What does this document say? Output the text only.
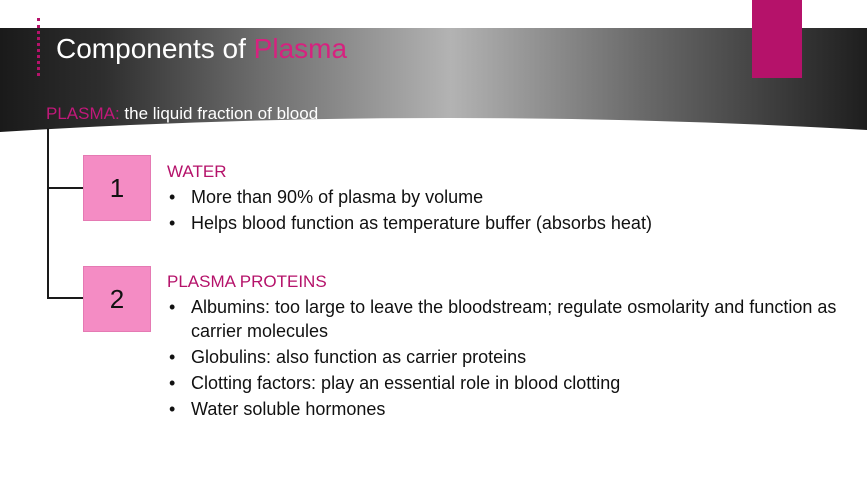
Components of Plasma
PLASMA: the liquid fraction of blood
1
2
WATER
• More than 90% of plasma by volume
• Helps blood function as temperature buffer (absorbs heat)
PLASMA PROTEINS
• Albumins: too large to leave the bloodstream; regulate osmolarity and function as carrier molecules
• Globulins: also function as carrier proteins
• Clotting factors: play an essential role in blood clotting
• Water soluble hormones
